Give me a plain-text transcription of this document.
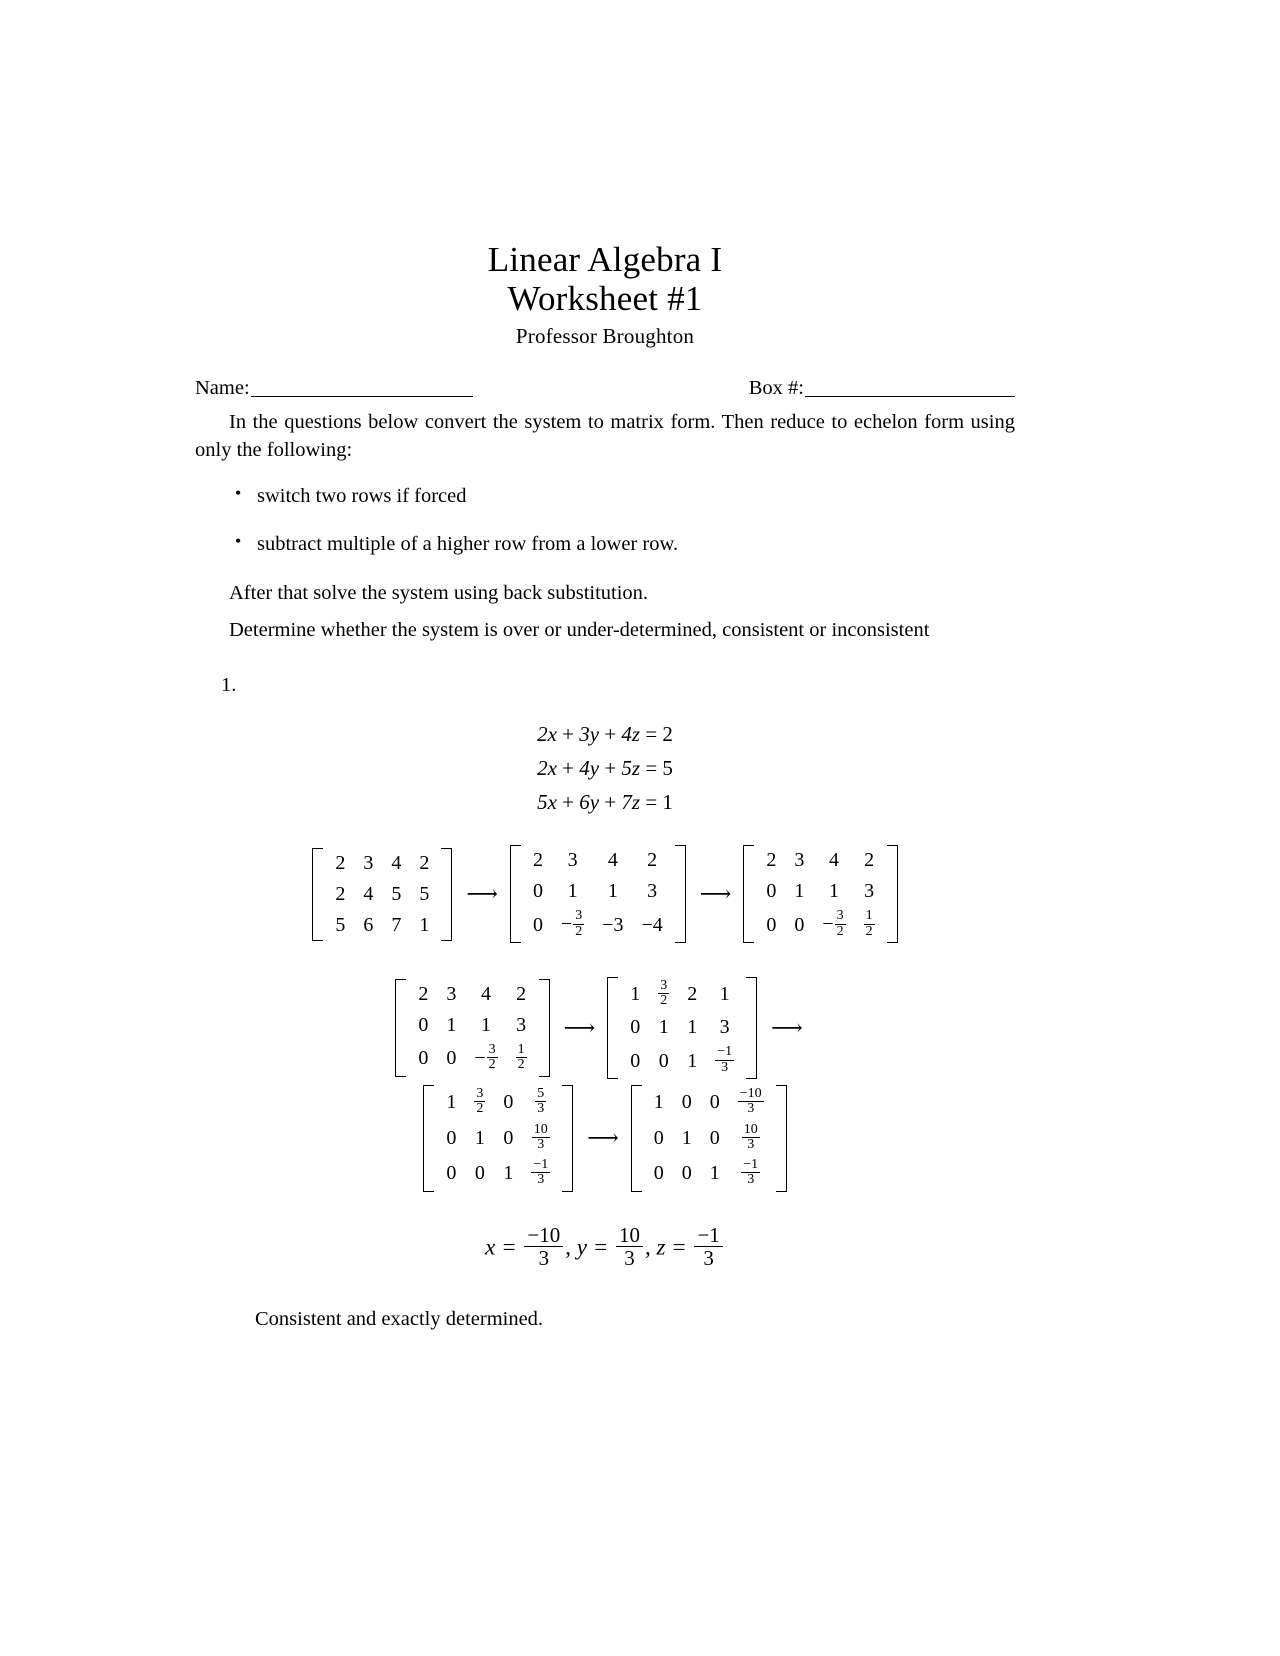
Linear Algebra I
Worksheet #1
Professor Broughton
Name:	Box #:

In the questions below convert the system to matrix form. Then reduce to echelon form using only the following:

• switch two rows if forced
• subtract multiple of a higher row from a lower row.

After that solve the system using back substitution.

Determine whether the system is over or under-determined, consistent or inconsistent

1.
2x + 3y + 4z = 2
2x + 4y + 5z = 5
5x + 6y + 7z = 1
2	3	4	2
2	4	5	5
5	6	7	1
⟶
2	3	4	2
0	1	1	3
0	− $\frac{3}{2}$	−3	−4
⟶
2	3	4	2
0	1	1	3
0	0	− $\frac{3}{2}$	$\frac{1}{2}$
2	3	4	2
0	1	1	3
0	0	− $\frac{3}{2}$	$\frac{1}{2}$
⟶
1	$\frac{3}{2}$	2	1
0	1	1	3
0	0	1	$\frac{-1}{3}$
⟶
1	$\frac{3}{2}$	0	$\frac{5}{3}$

0	1	0	$\frac{10}{3}$

0	0	1	$\frac{-1}{3}$
⟶
1	0	0	$\frac{-10}{3}$

0	1	0	$\frac{10}{3}$

0	0	1	$\frac{-1}{3}$
$x = \frac{-10}{3}$ , $y = \frac{10}{3}$ , $z = \frac{-1}{3}$
Consistent and exactly determined.
